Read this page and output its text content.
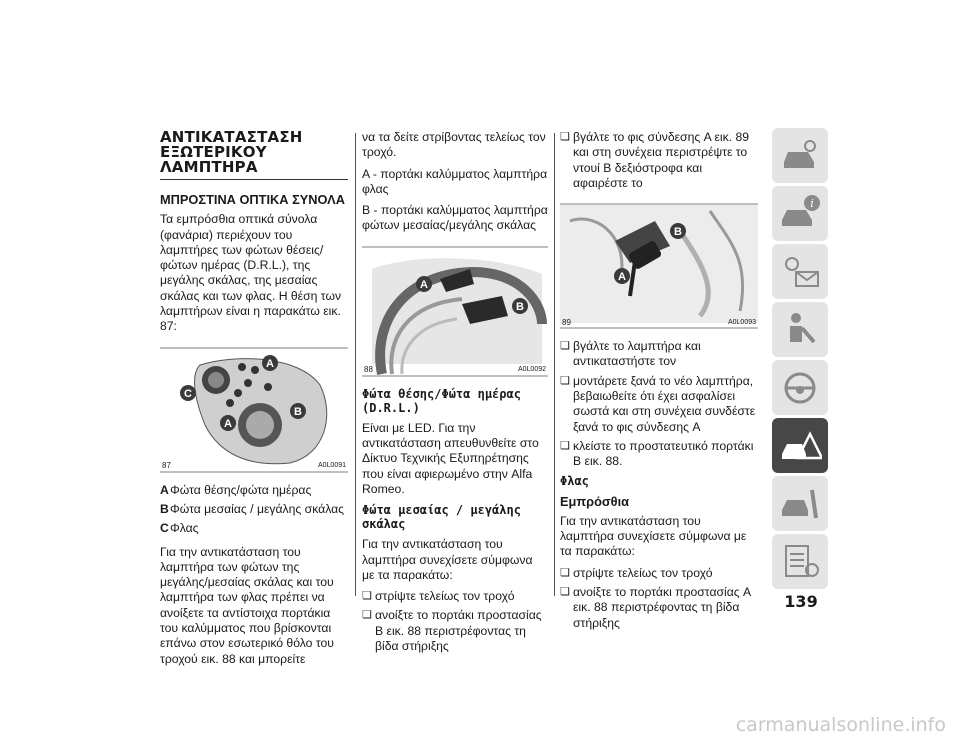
ΑΝΤΙΚΑΤΑΣΤΑΣΗ ΕΞΩΤΕΡΙΚΟΥ ΛΑΜΠΤΗΡΑ
ΜΠΡΟΣΤΙΝΑ ΟΠΤΙΚΑ ΣΥΝΟΛΑ

Τα εμπρόσθια οπτικά σύνολα (φανάρια) περιέχουν του λαμπτήρες των φώτων θέσεις/φώτων ημέρας (D.R.L.), της μεγάλης σκάλας, της μεσαίας σκάλας και των φλας. Η θέση των λαμπτήρων είναι η παρακάτω εικ. 87:

A
C
A
B
87	A0L0091
A Φώτα θέσης/φώτα ημέρας
B Φώτα μεσαίας / μεγάλης σκάλας
C Φλας

Για την αντικατάσταση του λαμπτήρα των φώτων της μεγάλης/μεσαίας σκάλας και του λαμπτήρα των φλας πρέπει να ανοίξετε τα αντίστοιχα πορτάκια του καλύμματος που βρίσκονται επάνω στον εσωτερικό θόλο του τροχού εικ. 88 και μπορείτε

να τα δείτε στρίβοντας τελείως τον τροχό.

A - πορτάκι καλύμματος λαμπτήρα φλας

B - πορτάκι καλύμματος λαμπτήρα φώτων μεσαίας/μεγάλης σκάλας

A
B
88	A0L0092
Φώτα θέσης/Φώτα ημέρας (D.R.L.)

Είναι με LED. Για την αντικατάσταση απευθυνθείτε στο Δίκτυο Τεχνικής Εξυπηρέτησης που είναι αφιερωμένο στην Alfa Romeo.

Φώτα μεσαίας / μεγάλης σκάλας

Για την αντικατάσταση του λαμπτήρα συνεχίσετε σύμφωνα με τα παρακάτω:

❏ στρίψτε τελείως τον τροχό
❏ ανοίξτε το πορτάκι προστασίας B εικ. 88 περιστρέφοντας τη βίδα στήριξης
❏ βγάλτε το φις σύνδεσης A εικ. 89 και στη συνέχεια περιστρέψτε το ντουί B δεξιόστροφα και αφαιρέστε το
B
A
89	A0L0093
❏ βγάλτε το λαμπτήρα και αντικαταστήστε τον
❏ μοντάρετε ξανά το νέο λαμπτήρα, βεβαιωθείτε ότι έχει ασφαλίσει σωστά και στη συνέχεια συνδέστε ξανά το φις σύνδεσης A
❏ κλείστε το προστατευτικό πορτάκι B εικ. 88.
Φλας
Εμπρόσθια

Για την αντικατάσταση του λαμπτήρα συνεχίσετε σύμφωνα με τα παρακάτω:

❏ στρίψτε τελείως τον τροχό
❏ ανοίξτε το πορτάκι προστασίας A εικ. 88 περιστρέφοντας τη βίδα στήριξης
i
139
carmanualsonline.info
